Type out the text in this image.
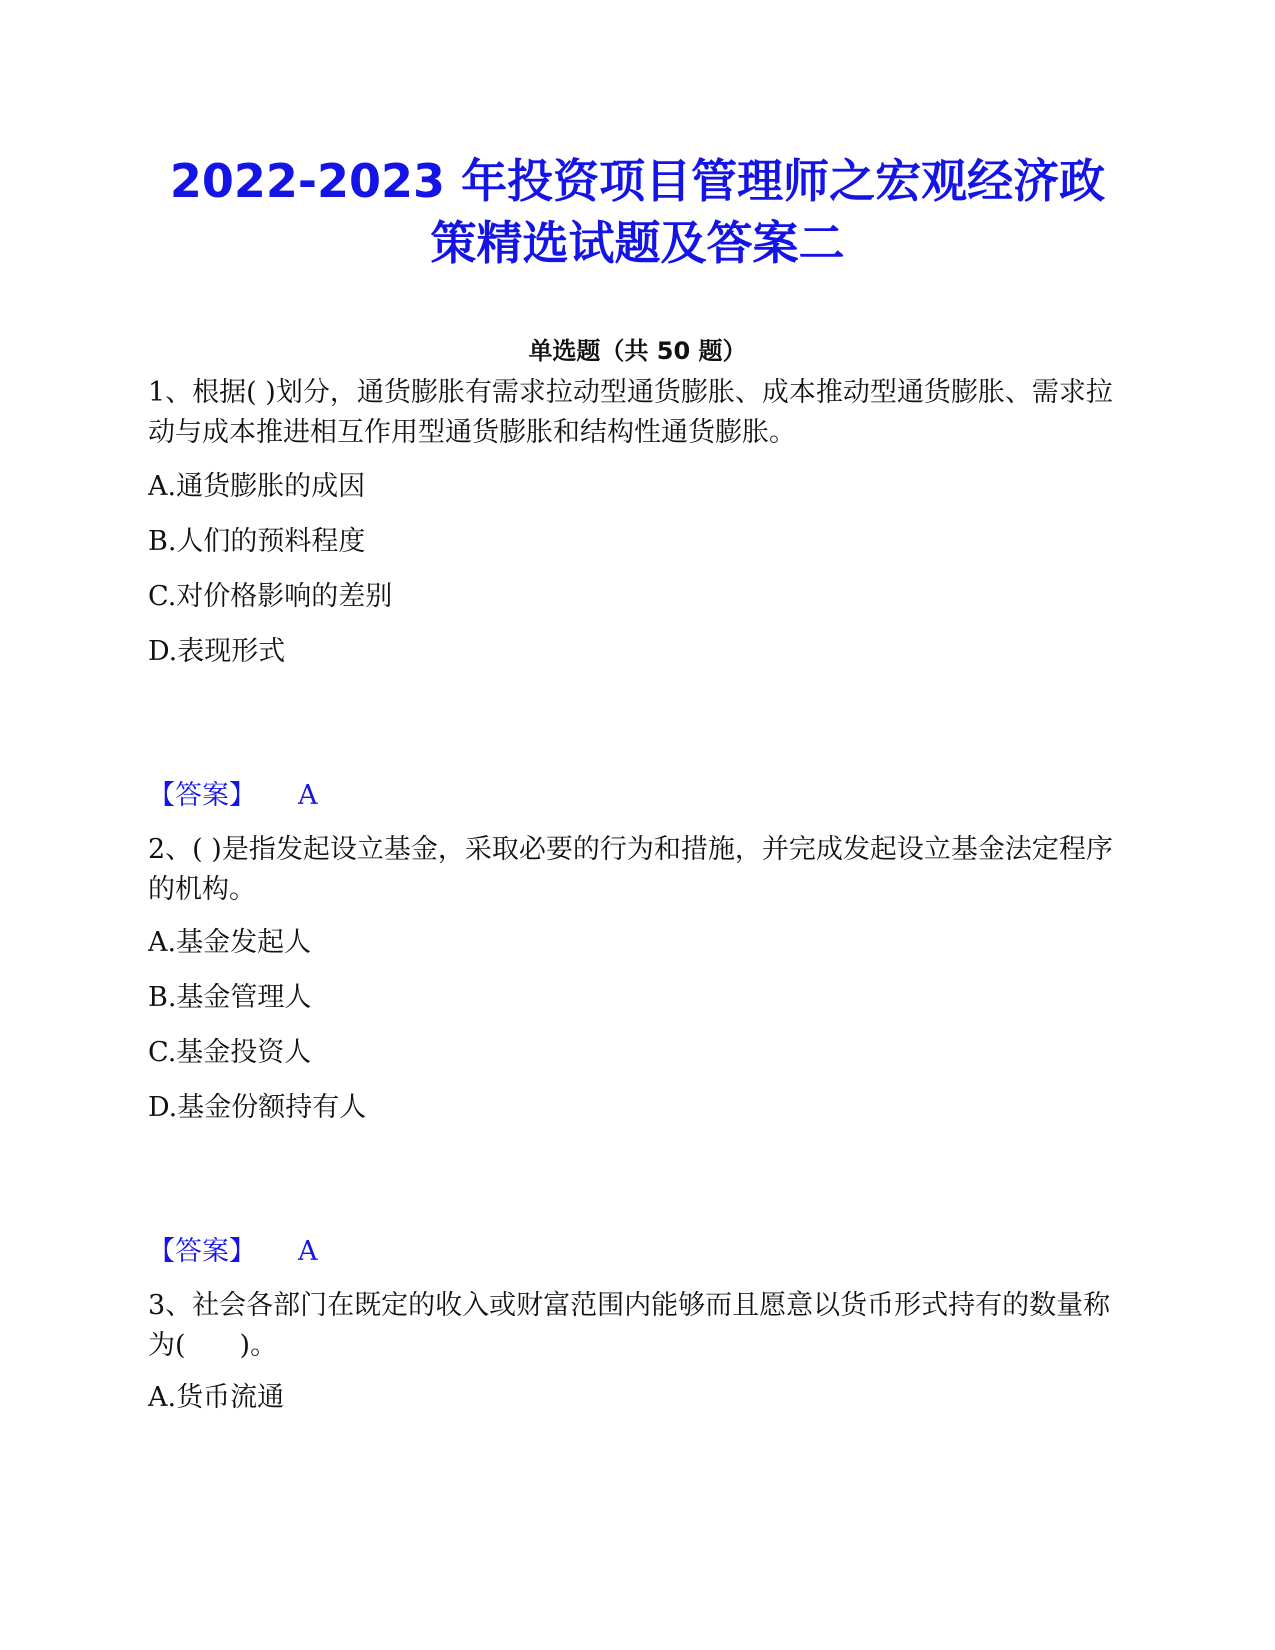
2022-2023 年投资项目管理师之宏观经济政
策精选试题及答案二
单选题（共 50 题）

1、根据( )划分，通货膨胀有需求拉动型通货膨胀、成本推动型通货膨胀、需求拉动与成本推进相互作用型通货膨胀和结构性通货膨胀。

A.通货膨胀的成因

B.人们的预料程度

C.对价格影响的差别

D.表现形式

【答案】 A

2、( )是指发起设立基金，采取必要的行为和措施，并完成发起设立基金法定程序的机构。

A.基金发起人

B.基金管理人

C.基金投资人

D.基金份额持有人

【答案】 A

3、社会各部门在既定的收入或财富范围内能够而且愿意以货币形式持有的数量称为(　　)。

A.货币流通
